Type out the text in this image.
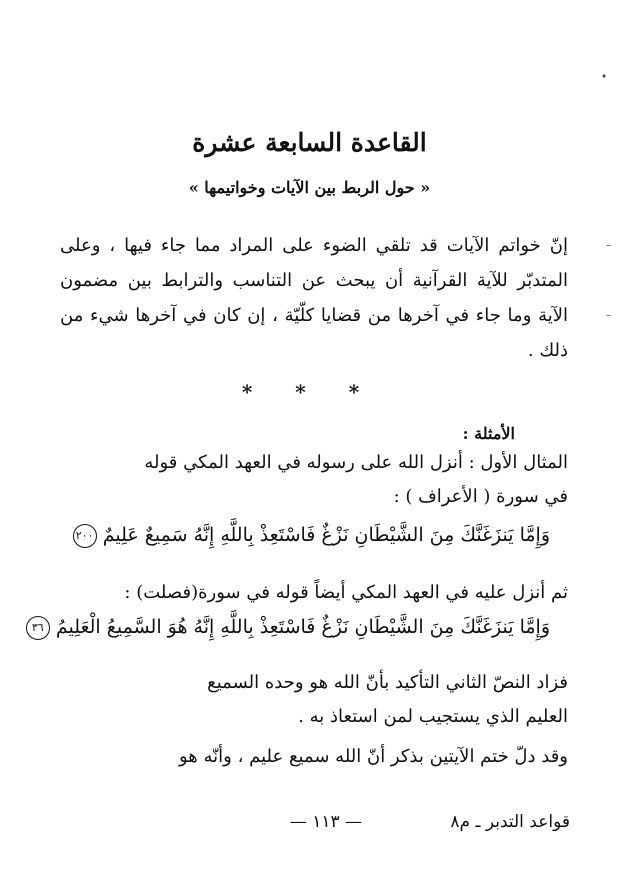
القاعدة السابعة عشرة
« حول الربط بين الآيات وخواتيمها »
إنّ خواتم الآيات قد تلقي الضوء على المراد مما جاء فيها ، وعلى المتدبّر للآية القرآنية أن يبحث عن التناسب والترابط بين مضمون الآية وما جاء في آخرها من قضايا كلّيّة ، إن كان في آخرها شيء من ذلك .
* * *
الأمثلة :
المثال الأول : أنزل الله على رسوله في العهد المكي قوله
في سورة ( الأعراف ) :
وَإِمَّا يَنزَغَنَّكَ مِنَ الشَّيْطَانِ نَزْغٌ فَاسْتَعِذْ بِاللَّهِ إِنَّهُ سَمِيعٌ عَلِيمٌ ٢٠٠
ثم أنزل عليه في العهد المكي أيضاً قوله في سورة(فصلت) :
وَإِمَّا يَنزَغَنَّكَ مِنَ الشَّيْطَانِ نَزْغٌ فَاسْتَعِذْ بِاللَّهِ إِنَّهُ هُوَ السَّمِيعُ الْعَلِيمُ ٣٦
فزاد النصّ الثاني التأكيد بأنّ الله هو وحده السميع
العليم الذي يستجيب لمن استعاذ به .
وقد دلّ ختم الآيتين بذكر أنّ الله سميع عليم ، وأنّه هو
قواعد التدبر ـ م٨
— ١١٣ —
•
–
–
